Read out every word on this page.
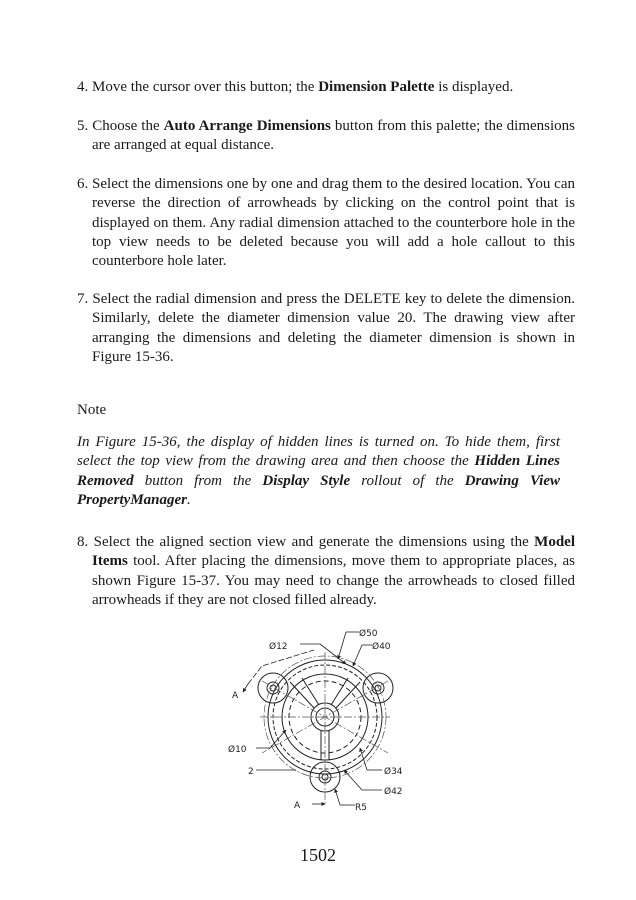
4. Move the cursor over this button; the Dimension Palette is displayed.

5. Choose the Auto Arrange Dimensions button from this palette; the dimensions are arranged at equal distance.

6. Select the dimensions one by one and drag them to the desired location. You can reverse the direction of arrowheads by clicking on the control point that is displayed on them. Any radial dimension attached to the counterbore hole in the top view needs to be deleted because you will add a hole callout to this counterbore hole later.

7. Select the radial dimension and press the DELETE key to delete the dimension. Similarly, delete the diameter dimension value 20. The drawing view after arranging the dimensions and deleting the diameter dimension is shown in Figure 15-36.

Note

In Figure 15-36, the display of hidden lines is turned on. To hide them, first select the top view from the drawing area and then choose the Hidden Lines Removed button from the Display Style rollout of the Drawing View PropertyManager.

8. Select the aligned section view and generate the dimensions using the Model Items tool. After placing the dimensions, move them to appropriate places, as shown Figure 15-37. You may need to change the arrowheads to closed filled arrowheads if they are not closed filled already.

Ø50
Ø12	Ø40
Ø10
2	Ø34
Ø42
R5
A
A
1502
